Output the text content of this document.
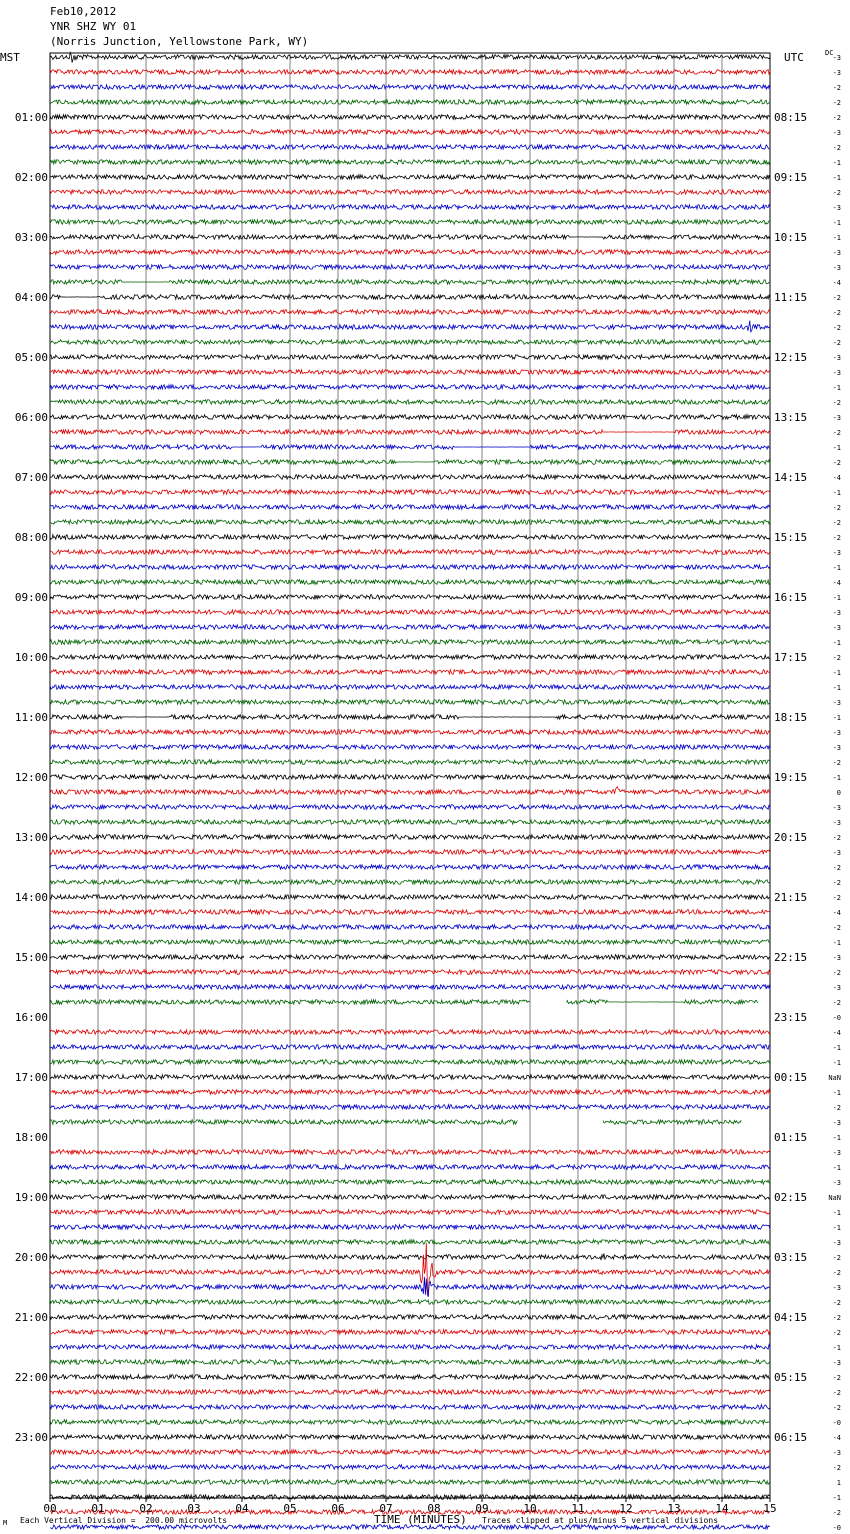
Feb10,2012
YNR SHZ WY 01
(Norris Junction, Yellowstone Park, WY)
MST	UTC	DC
-3
-3
-2
-2
-2
-3
-2
-1
-1
-2
-3
-1
-1
-3
-3
-4
-2
-2
-2
-2
-3
-3
-1
-2
-3
-2
-1
-2
-4
-1
-2
-2
-2
-3
-1
-4
-1
-3
-3
-1
-2
-1
-1
-3
-1
-3
-3
-2
-1
0
-3
-3
-2
-3
-2
-2
-2
-4
-2
-1
-3
-2
-3
-2
-0
-4
-1
-1
NaN
-1
-2
-3
-1
-3
-1
-3
NaN
-1
-1
-3
-2
-2
-3
-2
-2
-2
-1
-3
-2
-2
-2
-0
-4
-3
-2
1
-1
-2
-0
01:00
02:00
03:00
04:00
05:00
06:00
07:00
08:00
09:00
10:00
11:00
12:00
13:00
14:00
15:00
16:00
17:00
18:00
19:00
20:00
21:00
22:00
23:00
08:15
09:15
10:15
11:15
12:15
13:15
14:15
15:15
16:15
17:15
18:15
19:15
20:15
21:15
22:15
23:15
00:15
01:15
02:15
03:15
04:15
05:15
06:15
00	01	02	03	04	05	06	07	08	09	10	11	12	13	14	15
TIME (MINUTES)
Each Vertical Division =  200.00 microvolts	Traces clipped at plus/minus 5 vertical divisions
M
